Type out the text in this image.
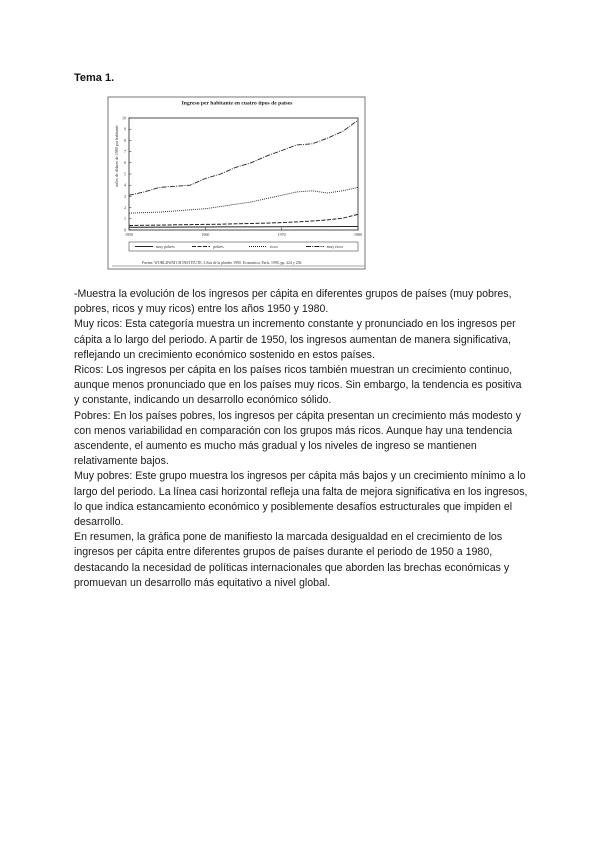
Tema 1.
Ingreso per habitante en cuatro tipos de países
miles de dólares de 1980 por habitante
0
1
2
3
4
5
6
7
8
9
10
1950	1960	1970	1980
muy pobres	pobres	ricos	muy ricos
Fuente: WORLDWATCH INSTITUTE, L'état de la planète 1990. Economica, París, 1990, pp. 224 y 236

-Muestra la evolución de los ingresos per cápita en diferentes grupos de países (muy pobres, pobres, ricos y muy ricos) entre los años 1950 y 1980.

Muy ricos: Esta categoría muestra un incremento constante y pronunciado en los ingresos per cápita a lo largo del periodo. A partir de 1950, los ingresos aumentan de manera significativa, reflejando un crecimiento económico sostenido en estos países.

Ricos: Los ingresos per cápita en los países ricos también muestran un crecimiento continuo, aunque menos pronunciado que en los países muy ricos. Sin embargo, la tendencia es positiva y constante, indicando un desarrollo económico sólido.

Pobres: En los países pobres, los ingresos per cápita presentan un crecimiento más modesto y con menos variabilidad en comparación con los grupos más ricos. Aunque hay una tendencia ascendente, el aumento es mucho más gradual y los niveles de ingreso se mantienen relativamente bajos.

Muy pobres: Este grupo muestra los ingresos per cápita más bajos y un crecimiento mínimo a lo largo del periodo. La línea casi horizontal refleja una falta de mejora significativa en los ingresos, lo que indica estancamiento económico y posiblemente desafíos estructurales que impiden el desarrollo.

En resumen, la gráfica pone de manifiesto la marcada desigualdad en el crecimiento de los ingresos per cápita entre diferentes grupos de países durante el periodo de 1950 a 1980, destacando la necesidad de políticas internacionales que aborden las brechas económicas y promuevan un desarrollo más equitativo a nivel global.
